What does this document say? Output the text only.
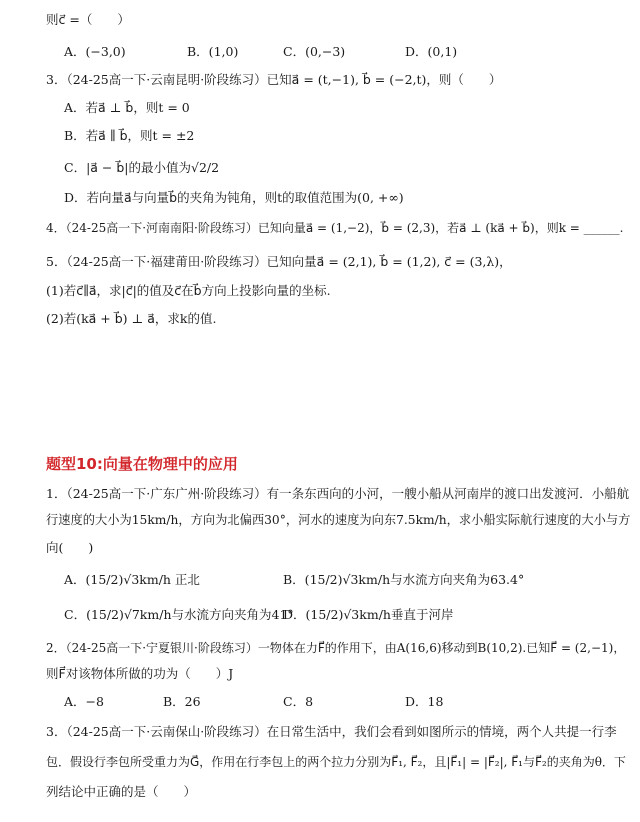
则c⃗ =（　　）
A．(−3,0)	B．(1,0)	C．(0,−3)	D．(0,1)
3．（24-25高一下·云南昆明·阶段练习）已知a⃗ = (t,−1), b⃗ = (−2,t)，则（　　）
A．若a⃗ ⊥ b⃗，则t = 0
B．若a⃗ ∥ b⃗，则t = ±2
C．|a⃗ − b⃗|的最小值为√2/2
D．若向量a⃗与向量b⃗的夹角为钝角，则t的取值范围为(0, +∞)
4．（24-25高一下·河南南阳·阶段练习）已知向量a⃗ = (1,−2)，b⃗ = (2,3)，若a⃗ ⊥ (ka⃗ + b⃗)，则k = ______.
5．（24-25高一下·福建莆田·阶段练习）已知向量a⃗ = (2,1), b⃗ = (1,2), c⃗ = (3,λ)，
(1)若c⃗∥a⃗，求|c⃗|的值及c⃗在b⃗方向上投影向量的坐标.
(2)若(ka⃗ + b⃗) ⊥ a⃗，求k的值.
题型10:向量在物理中的应用
1．（24-25高一下·广东广州·阶段练习）有一条东西向的小河，一艘小船从河南岸的渡口出发渡河．小船航
行速度的大小为15km/h，方向为北偏西30°，河水的速度为向东7.5km/h，求小船实际航行速度的大小与方
向(　　)
A．(15/2)√3km/h 正北	B．(15/2)√3km/h与水流方向夹角为63.4°
C．(15/2)√7km/h与水流方向夹角为41°
D．(15/2)√3km/h垂直于河岸
2．（24-25高一下·宁夏银川·阶段练习）一物体在力F⃗的作用下，由A(16,6)移动到B(10,2).已知F⃗ = (2,−1)，
则F⃗对该物体所做的功为（　　）J
A．−8	B．26	C．8	D．18
3．（24-25高一下·云南保山·阶段练习）在日常生活中，我们会看到如图所示的情境，两个人共提一行李
包．假设行李包所受重力为G⃗，作用在行李包上的两个拉力分别为F⃗₁, F⃗₂，且|F⃗₁| = |F⃗₂|, F⃗₁与F⃗₂的夹角为θ．下
列结论中正确的是（　　）
